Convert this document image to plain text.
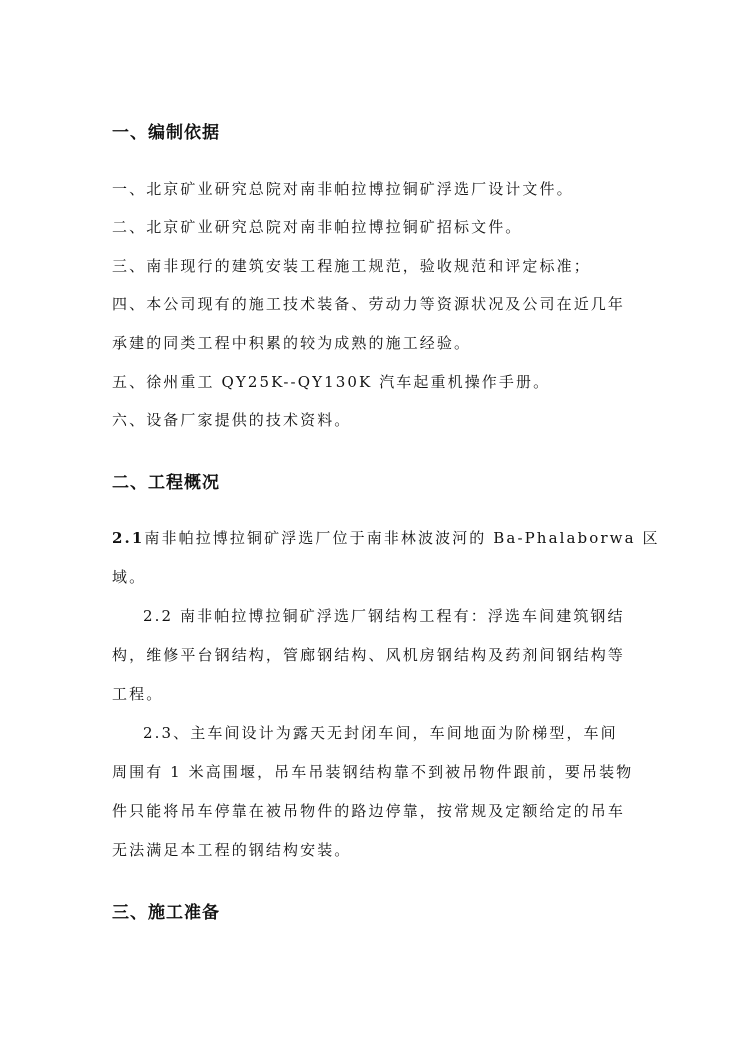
一、编制依据
一、北京矿业研究总院对南非帕拉博拉铜矿浮选厂设计文件。
二、北京矿业研究总院对南非帕拉博拉铜矿招标文件。
三、南非现行的建筑安装工程施工规范，验收规范和评定标准；
四、本公司现有的施工技术装备、劳动力等资源状况及公司在近几年
承建的同类工程中积累的较为成熟的施工经验。
五、徐州重工 QY25K--QY130K 汽车起重机操作手册。
六、设备厂家提供的技术资料。
二、工程概况
2.1南非帕拉博拉铜矿浮选厂位于南非林波波河的 Ba-Phalaborwa 区
域。
2.2 南非帕拉博拉铜矿浮选厂钢结构工程有：浮选车间建筑钢结
构，维修平台钢结构，管廊钢结构、风机房钢结构及药剂间钢结构等
工程。
2.3、主车间设计为露天无封闭车间，车间地面为阶梯型，车间
周围有 1 米高围堰，吊车吊装钢结构靠不到被吊物件跟前，要吊装物
件只能将吊车停靠在被吊物件的路边停靠，按常规及定额给定的吊车
无法满足本工程的钢结构安装。
三、施工准备
